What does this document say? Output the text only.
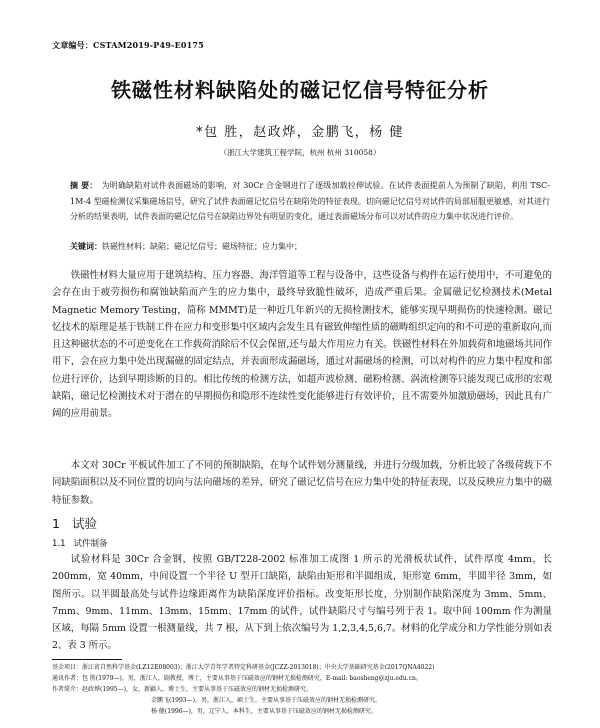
文章编号：CSTAM2019-P49-E0175
铁磁性材料缺陷处的磁记忆信号特征分析
*包 胜，赵政烨，金鹏飞，杨 健
（浙江大学建筑工程学院，杭州 杭州 310058）
摘 要： 为明确缺陷对试件表面磁场的影响，对 30Cr 合金钢进行了逐级加载拉伸试验。在试件表面提前人为预制了缺陷，利用 TSC-1M-4 型磁检测仪采集磁场信号，研究了试件表面磁记忆信号在缺陷处的特征表现。切向磁记忆信号对试件的局部屈服更敏感，对其进行分析的结果表明，试件表面的磁记忆信号在缺陷边界处有明显的变化，通过表面磁场分布可以对试件的应力集中状况进行评价。
关键词：铁磁性材料；缺陷；磁记忆信号；磁场特征；应力集中；
铁磁性材料大量应用于建筑结构、压力容器、海洋管道等工程与设备中，这些设备与构件在运行使用中，不可避免的会存在由于疲劳损伤和腐蚀缺陷而产生的应力集中，最终导致脆性破坏，造成严重后果。金属磁记忆检测技术(Metal Magnetic Memory Testing，简称 MMMT)是一种近几年新兴的无损检测技术，能够实现早期损伤的快速检测。磁记忆技术的原理是基于铁制工件在应力和变形集中区域内会发生具有磁致伸缩性质的磁畴组织定向的和不可逆的重新取向,而且这种磁状态的不可逆变化在工作载荷消除后不仅会保留,还与最大作用应力有关。铁磁性材料在外加载荷和地磁场共同作用下，会在应力集中处出现漏磁的固定结点，并表面形成漏磁场，通过对漏磁场的检测，可以对构件的应力集中程度和部位进行评价，达到早期诊断的目的。相比传统的检测方法，如超声波检测、磁粉检测、涡流检测等只能发现已成形的宏观缺陷，磁记忆检测技术对于潜在的早期损伤和隐形不连续性变化能够进行有效评价，且不需要外加激励磁场，因此具有广阔的应用前景。
本文对 30Cr 平板试件加工了不同的预制缺陷，在每个试件划分测量线，并进行分级加载，分析比较了各级荷载下不同缺陷面积以及不同位置的切向与法向磁场的差异，研究了磁记忆信号在应力集中处的特征表现，以及反映应力集中的磁特征参数。
1 试验
1.1 试件制备
试验材料是 30Cr 合金钢，按照 GB/T228-2002 标准加工成图 1 所示的光滑板状试件，试件厚度 4mm，长 200mm，宽 40mm，中间设置一个半径 U 型开口缺陷，缺陷由矩形和半圆组成，矩形宽 6mm，半圆半径 3mm，如图所示。以半圆最高处与试件边缘距离作为缺陷深度评价指标。改变矩形长度，分别制作缺陷深度为 3mm、5mm、7mm、9mm、11mm、13mm、15mm、17mm 的试件，试件缺陷尺寸与编号列于表 1。取中间 100mm 作为测量区域，每隔 5mm 设置一根测量线，共 7 根，从下到上依次编号为 1,2,3,4,5,6,7。材料的化学成分和力学性能分别如表 2、表 3 所示。
基金项目：浙江省自然科学基金(LZ12E08003)；浙江大学青年学者特定科研基金(JCZZ-2013018)；中央大学基础研究基金(2017QNA4022)
通讯作者：包 胜(1979—)，男，浙江人，副教授，博士，主要从事基于压磁效应的钢材无损检测研究，E-mail: baosheng@zju.edu.cn。
作者简介：赵政烨(1995—)，女，新疆人，博士生，主要从事基于压磁效应的钢材无损检测研究。
金鹏飞(1993—)，男，浙江人，硕士生，主要从事基于压磁效应的钢材无损检测研究。
杨 健(1996—)，男，辽宁人，本科生，主要从事基于压磁效应的钢材无损检测研究。
